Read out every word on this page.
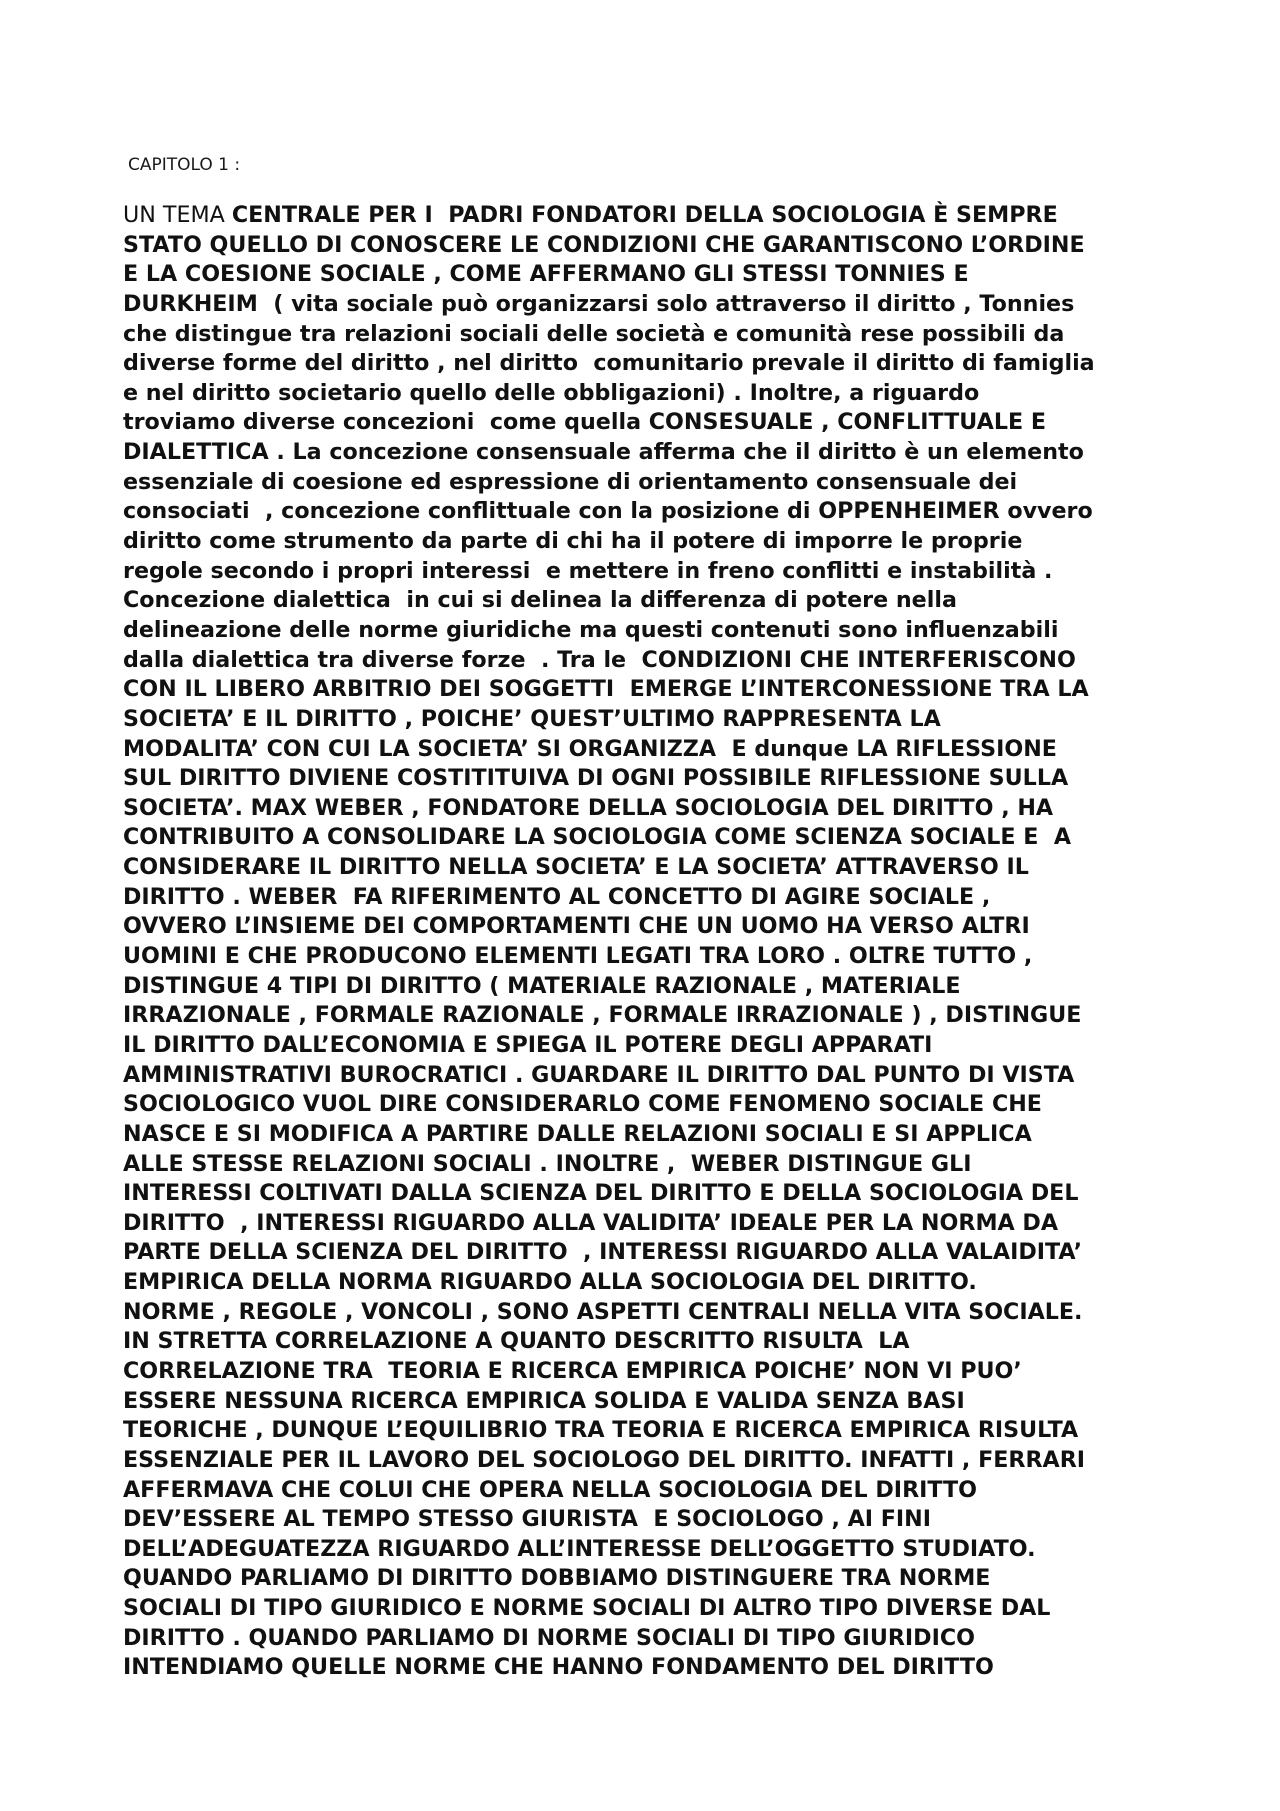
CAPITOLO 1 :

UN TEMA CENTRALE PER I  PADRI FONDATORI DELLA SOCIOLOGIA È SEMPRE
STATO QUELLO DI CONOSCERE LE CONDIZIONI CHE GARANTISCONO L’ORDINE
E LA COESIONE SOCIALE , COME AFFERMANO GLI STESSI TONNIES E
DURKHEIM  ( vita sociale può organizzarsi solo attraverso il diritto , Tonnies
che distingue tra relazioni sociali delle società e comunità rese possibili da
diverse forme del diritto , nel diritto  comunitario prevale il diritto di famiglia
e nel diritto societario quello delle obbligazioni) . Inoltre, a riguardo
troviamo diverse concezioni  come quella CONSESUALE , CONFLITTUALE E
DIALETTICA . La concezione consensuale afferma che il diritto è un elemento
essenziale di coesione ed espressione di orientamento consensuale dei
consociati  , concezione conflittuale con la posizione di OPPENHEIMER ovvero
diritto come strumento da parte di chi ha il potere di imporre le proprie
regole secondo i propri interessi  e mettere in freno conflitti e instabilità .
Concezione dialettica  in cui si delinea la differenza di potere nella
delineazione delle norme giuridiche ma questi contenuti sono influenzabili
dalla dialettica tra diverse forze  . Tra le  CONDIZIONI CHE INTERFERISCONO
CON IL LIBERO ARBITRIO DEI SOGGETTI  EMERGE L’INTERCONESSIONE TRA LA
SOCIETA’ E IL DIRITTO , POICHE’ QUEST’ULTIMO RAPPRESENTA LA
MODALITA’ CON CUI LA SOCIETA’ SI ORGANIZZA  E dunque LA RIFLESSIONE
SUL DIRITTO DIVIENE COSTITITUIVA DI OGNI POSSIBILE RIFLESSIONE SULLA
SOCIETA’. MAX WEBER , FONDATORE DELLA SOCIOLOGIA DEL DIRITTO , HA
CONTRIBUITO A CONSOLIDARE LA SOCIOLOGIA COME SCIENZA SOCIALE E  A
CONSIDERARE IL DIRITTO NELLA SOCIETA’ E LA SOCIETA’ ATTRAVERSO IL
DIRITTO . WEBER  FA RIFERIMENTO AL CONCETTO DI AGIRE SOCIALE ,
OVVERO L’INSIEME DEI COMPORTAMENTI CHE UN UOMO HA VERSO ALTRI
UOMINI E CHE PRODUCONO ELEMENTI LEGATI TRA LORO . OLTRE TUTTO ,
DISTINGUE 4 TIPI DI DIRITTO ( MATERIALE RAZIONALE , MATERIALE
IRRAZIONALE , FORMALE RAZIONALE , FORMALE IRRAZIONALE ) , DISTINGUE
IL DIRITTO DALL’ECONOMIA E SPIEGA IL POTERE DEGLI APPARATI
AMMINISTRATIVI BUROCRATICI . GUARDARE IL DIRITTO DAL PUNTO DI VISTA
SOCIOLOGICO VUOL DIRE CONSIDERARLO COME FENOMENO SOCIALE CHE
NASCE E SI MODIFICA A PARTIRE DALLE RELAZIONI SOCIALI E SI APPLICA
ALLE STESSE RELAZIONI SOCIALI . INOLTRE ,  WEBER DISTINGUE GLI
INTERESSI COLTIVATI DALLA SCIENZA DEL DIRITTO E DELLA SOCIOLOGIA DEL
DIRITTO  , INTERESSI RIGUARDO ALLA VALIDITA’ IDEALE PER LA NORMA DA
PARTE DELLA SCIENZA DEL DIRITTO  , INTERESSI RIGUARDO ALLA VALAIDITA’
EMPIRICA DELLA NORMA RIGUARDO ALLA SOCIOLOGIA DEL DIRITTO.
NORME , REGOLE , VONCOLI , SONO ASPETTI CENTRALI NELLA VITA SOCIALE.
IN STRETTA CORRELAZIONE A QUANTO DESCRITTO RISULTA  LA
CORRELAZIONE TRA  TEORIA E RICERCA EMPIRICA POICHE’ NON VI PUO’
ESSERE NESSUNA RICERCA EMPIRICA SOLIDA E VALIDA SENZA BASI
TEORICHE , DUNQUE L’EQUILIBRIO TRA TEORIA E RICERCA EMPIRICA RISULTA
ESSENZIALE PER IL LAVORO DEL SOCIOLOGO DEL DIRITTO. INFATTI , FERRARI
AFFERMAVA CHE COLUI CHE OPERA NELLA SOCIOLOGIA DEL DIRITTO
DEV’ESSERE AL TEMPO STESSO GIURISTA  E SOCIOLOGO , AI FINI
DELL’ADEGUATEZZA RIGUARDO ALL’INTERESSE DELL’OGGETTO STUDIATO.
QUANDO PARLIAMO DI DIRITTO DOBBIAMO DISTINGUERE TRA NORME
SOCIALI DI TIPO GIURIDICO E NORME SOCIALI DI ALTRO TIPO DIVERSE DAL
DIRITTO . QUANDO PARLIAMO DI NORME SOCIALI DI TIPO GIURIDICO
INTENDIAMO QUELLE NORME CHE HANNO FONDAMENTO DEL DIRITTO
